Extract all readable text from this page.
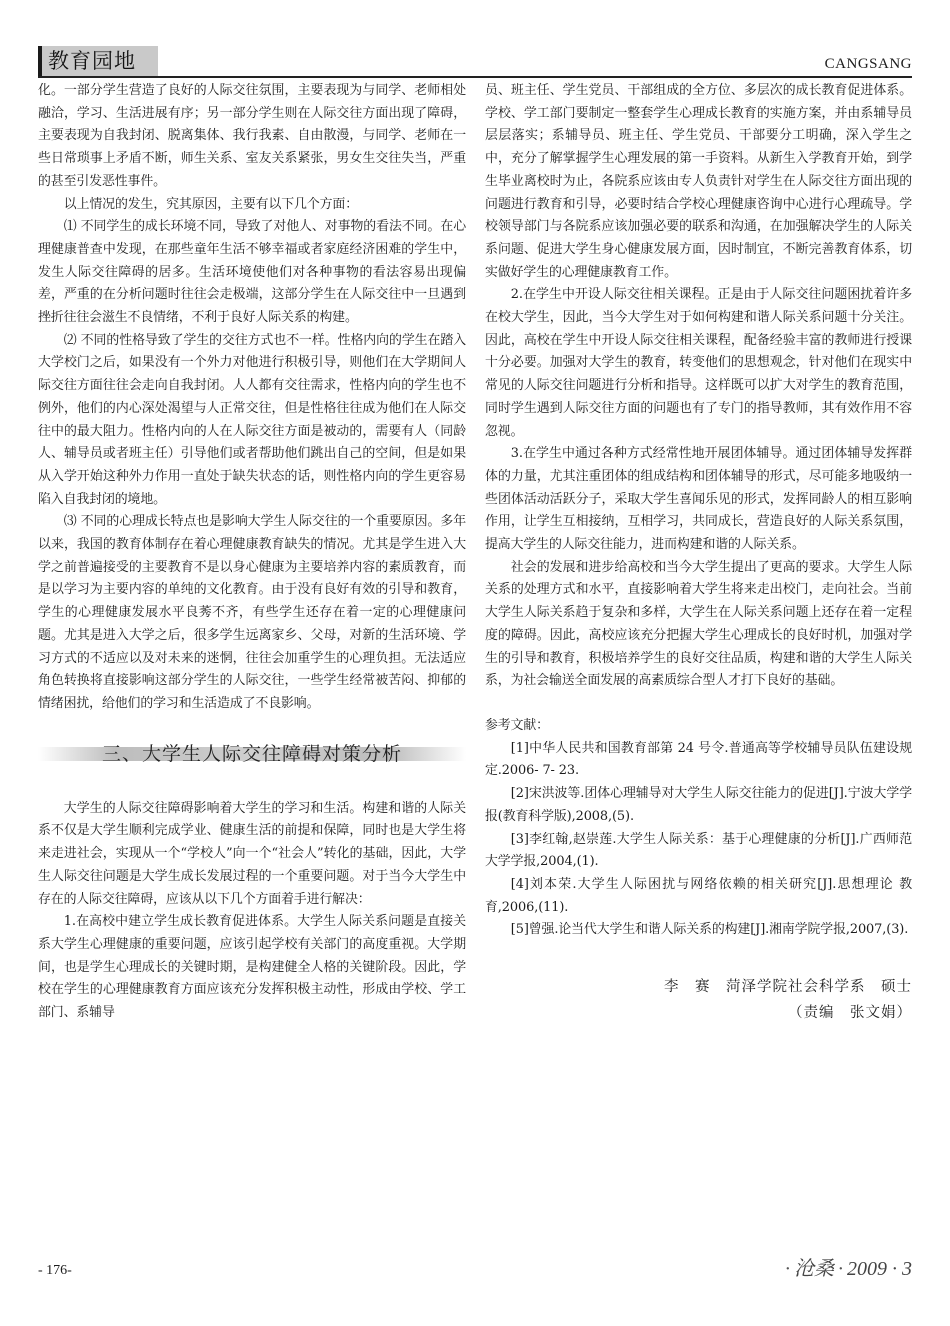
教育园地	CANGSANG

化。一部分学生营造了良好的人际交往氛围，主要表现为与同学、老师相处融洽，学习、生活进展有序；另一部分学生则在人际交往方面出现了障碍，主要表现为自我封闭、脱离集体、我行我素、自由散漫，与同学、老师在一些日常琐事上矛盾不断，师生关系、室友关系紧张，男女生交往失当，严重的甚至引发恶性事件。

以上情况的发生，究其原因，主要有以下几个方面：

⑴ 不同学生的成长环境不同，导致了对他人、对事物的看法不同。在心理健康普查中发现，在那些童年生活不够幸福或者家庭经济困难的学生中，发生人际交往障碍的居多。生活环境使他们对各种事物的看法容易出现偏差，严重的在分析问题时往往会走极端，这部分学生在人际交往中一旦遇到挫折往往会滋生不良情绪，不利于良好人际关系的构建。

⑵ 不同的性格导致了学生的交往方式也不一样。性格内向的学生在踏入大学校门之后，如果没有一个外力对他进行积极引导，则他们在大学期间人际交往方面往往会走向自我封闭。人人都有交往需求，性格内向的学生也不例外，他们的内心深处渴望与人正常交往，但是性格往往成为他们在人际交往中的最大阻力。性格内向的人在人际交往方面是被动的，需要有人（同龄人、辅导员或者班主任）引导他们或者帮助他们跳出自己的空间，但是如果从入学开始这种外力作用一直处于缺失状态的话，则性格内向的学生更容易陷入自我封闭的境地。

⑶ 不同的心理成长特点也是影响大学生人际交往的一个重要原因。多年以来，我国的教育体制存在着心理健康教育缺失的情况。尤其是学生进入大学之前普遍接受的主要教育不是以身心健康为主要培养内容的素质教育，而是以学习为主要内容的单纯的文化教育。由于没有良好有效的引导和教育，学生的心理健康发展水平良莠不齐，有些学生还存在着一定的心理健康问题。尤其是进入大学之后，很多学生远离家乡、父母，对新的生活环境、学习方式的不适应以及对未来的迷惘，往往会加重学生的心理负担。无法适应角色转换将直接影响这部分学生的人际交往，一些学生经常被苦闷、抑郁的情绪困扰，给他们的学习和生活造成了不良影响。

三、大学生人际交往障碍对策分析

大学生的人际交往障碍影响着大学生的学习和生活。构建和谐的人际关系不仅是大学生顺利完成学业、健康生活的前提和保障，同时也是大学生将来走进社会，实现从一个“学校人”向一个“社会人”转化的基础，因此，大学生人际交往问题是大学生成长发展过程的一个重要问题。对于当今大学生中存在的人际交往障碍，应该从以下几个方面着手进行解决：

1.在高校中建立学生成长教育促进体系。大学生人际关系问题是直接关系大学生心理健康的重要问题，应该引起学校有关部门的高度重视。大学期间，也是学生心理成长的关键时期，是构建健全人格的关键阶段。因此，学校在学生的心理健康教育方面应该充分发挥积极主动性，形成由学校、学工部门、系辅导

员、班主任、学生党员、干部组成的全方位、多层次的成长教育促进体系。学校、学工部门要制定一整套学生心理成长教育的实施方案，并由系辅导员层层落实；系辅导员、班主任、学生党员、干部要分工明确，深入学生之中，充分了解掌握学生心理发展的第一手资料。从新生入学教育开始，到学生毕业离校时为止，各院系应该由专人负责针对学生在人际交往方面出现的问题进行教育和引导，必要时结合学校心理健康咨询中心进行心理疏导。学校领导部门与各院系应该加强必要的联系和沟通，在加强解决学生的人际关系问题、促进大学生身心健康发展方面，因时制宜，不断完善教育体系，切实做好学生的心理健康教育工作。

2.在学生中开设人际交往相关课程。正是由于人际交往问题困扰着许多在校大学生，因此，当今大学生对于如何构建和谐人际关系问题十分关注。因此，高校在学生中开设人际交往相关课程，配备经验丰富的教师进行授课十分必要。加强对大学生的教育，转变他们的思想观念，针对他们在现实中常见的人际交往问题进行分析和指导。这样既可以扩大对学生的教育范围，同时学生遇到人际交往方面的问题也有了专门的指导教师，其有效作用不容忽视。

3.在学生中通过各种方式经常性地开展团体辅导。通过团体辅导发挥群体的力量，尤其注重团体的组成结构和团体辅导的形式，尽可能多地吸纳一些团体活动活跃分子，采取大学生喜闻乐见的形式，发挥同龄人的相互影响作用，让学生互相接纳，互相学习，共同成长，营造良好的人际关系氛围，提高大学生的人际交往能力，进而构建和谐的人际关系。

社会的发展和进步给高校和当今大学生提出了更高的要求。大学生人际关系的处理方式和水平，直接影响着大学生将来走出校门，走向社会。当前大学生人际关系趋于复杂和多样，大学生在人际关系问题上还存在着一定程度的障碍。因此，高校应该充分把握大学生心理成长的良好时机，加强对学生的引导和教育，积极培养学生的良好交往品质，构建和谐的大学生人际关系，为社会输送全面发展的高素质综合型人才打下良好的基础。

参考文献：

[1]中华人民共和国教育部第 24 号令.普通高等学校辅导员队伍建设规定.2006- 7- 23.

[2]宋洪波等.团体心理辅导对大学生人际交往能力的促进[J].宁波大学学报(教育科学版),2008,(5).

[3]李红翰,赵崇莲.大学生人际关系：基于心理健康的分析[J].广西师范大学学报,2004,(1).

[4]刘本荣.大学生人际困扰与网络依赖的相关研究[J].思想理论 教育,2006,(11).

[5]曾强.论当代大学生和谐人际关系的构建[J].湘南学院学报,2007,(3).

李　赛　菏泽学院社会科学系　硕士
（责编　张文娟）
- 176-	· 沧桑 · 2009 · 3
